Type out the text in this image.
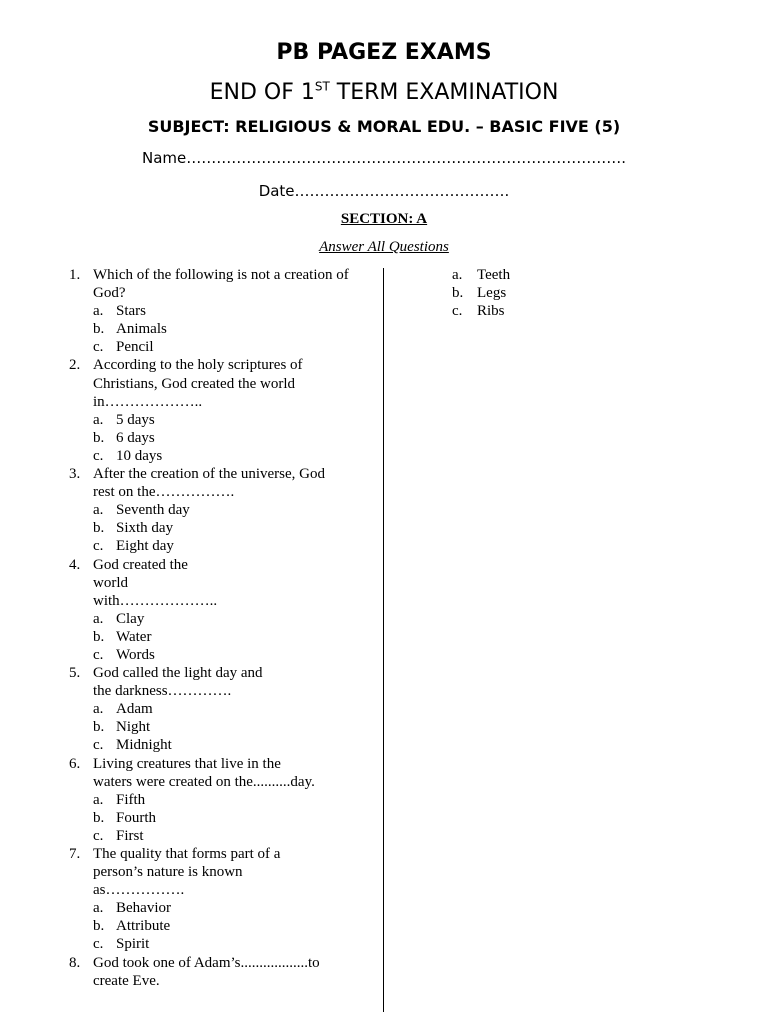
PB PAGEZ EXAMS
END OF 1ST TERM EXAMINATION
SUBJECT: RELIGIOUS & MORAL EDU. – BASIC FIVE (5)
Name…………………………………………………………………………….
Date…………………………………….
SECTION: A
Answer All Questions
1. Which of the following is not a creation of
God?
a. Stars
b. Animals
c. Pencil
2. According to the holy scriptures of
Christians, God created the world
in………………..
a. 5 days
b. 6 days
c. 10 days
3. After the creation of the universe, God
rest on the…………….
a. Seventh day
b. Sixth day
c. Eight day
4. God created the
world
with………………..
a. Clay
b. Water
c. Words
5. God called the light day and
the darkness………….
a. Adam
b. Night
c. Midnight
6. Living creatures that live in the
waters were created on the..........day.
a. Fifth
b. Fourth
c. First
7. The quality that forms part of a
person’s nature is known
as…………….
a. Behavior
b. Attribute
c. Spirit
8. God took one of Adam’s..................to
create Eve.
a. Teeth
b. Legs
c. Ribs
